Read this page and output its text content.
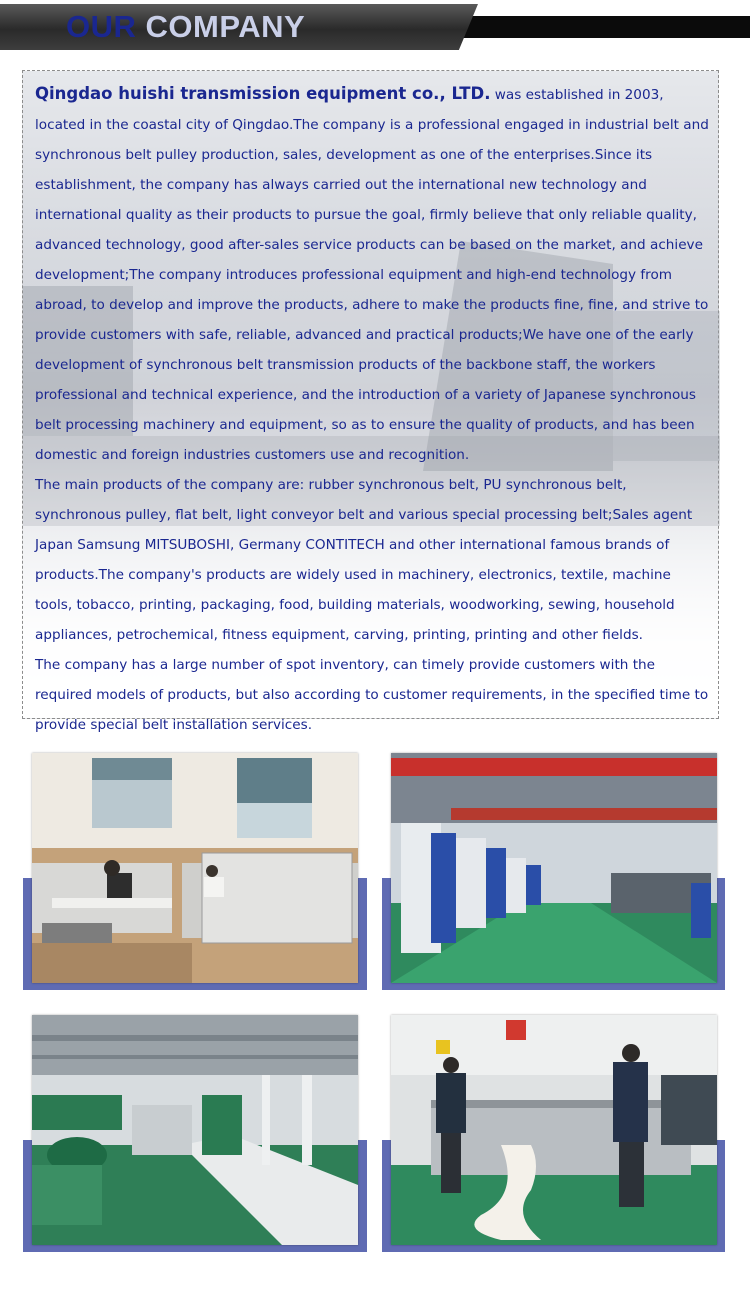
OUR COMPANY

Qingdao huishi transmission equipment co., LTD. was established in 2003, located in the coastal city of Qingdao.The company is a professional engaged in industrial belt and synchronous belt pulley production, sales, development as one of the enterprises.Since its establishment, the company has always carried out the international new technology and international quality as their products to pursue the goal, firmly believe that only reliable quality, advanced technology, good after-sales service products can be based on the market, and achieve development;The company introduces professional equipment and high-end technology from abroad, to develop and improve the products, adhere to make the products fine, fine, and strive to provide customers with safe, reliable, advanced and practical products;We have one of the early development of synchronous belt transmission products of the backbone staff, the workers professional and technical experience, and the introduction of a variety of Japanese synchronous belt processing machinery and equipment, so as to ensure the quality of products, and has been domestic and foreign industries customers use and recognition.

The main products of the company are: rubber synchronous belt, PU synchronous belt, synchronous pulley, flat belt, light conveyor belt and various special processing belt;Sales agent Japan Samsung MITSUBOSHI, Germany CONTITECH and other international famous brands of products.The company's products are widely used in machinery, electronics, textile, machine tools, tobacco, printing, packaging, food, building materials, woodworking, sewing, household appliances, petrochemical, fitness equipment, carving, printing, printing and other fields.

The company has a large number of spot inventory, can timely provide customers with the required models of products, but also according to customer requirements, in the specified time to provide special belt installation services.
